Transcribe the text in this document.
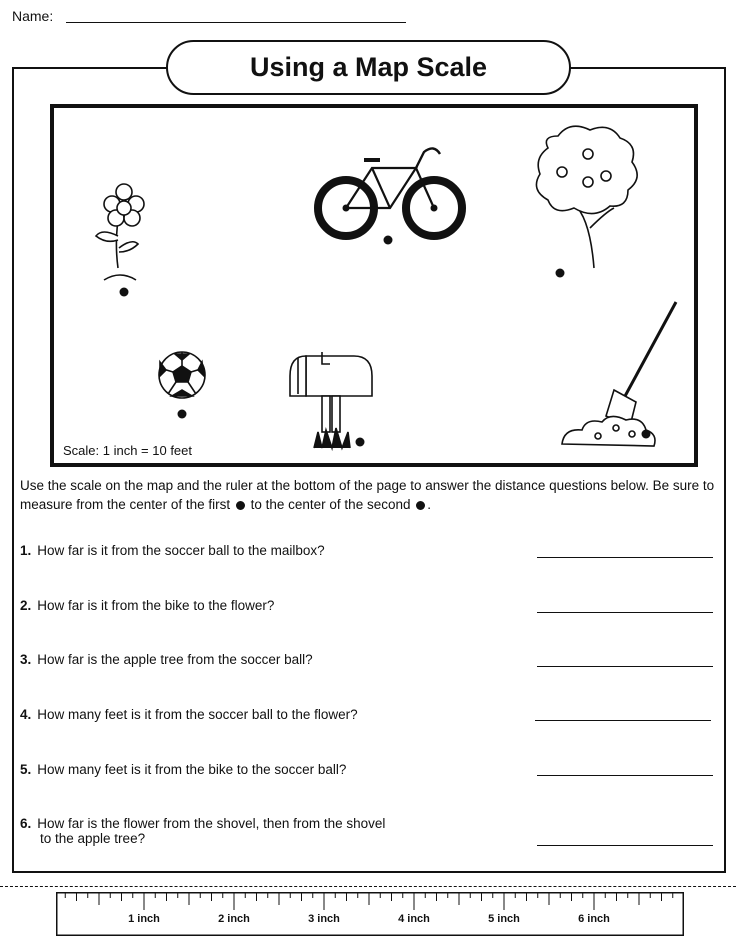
Name:
Using a Map Scale
Scale: 1 inch = 10 feet
Use the scale on the map and the ruler at the bottom of the page to answer the distance questions below. Be sure to measure from the center of the first to the center of the second .
1. How far is it from the soccer ball to the mailbox?
2. How far is it from the bike to the flower?
3. How far is the apple tree from the soccer ball?
4. How many feet is it from the soccer ball to the flower?
5. How many feet is it from the bike to the soccer ball?
6. How far is the flower from the shovel, then from the shovel
to the apple tree?
1 inch	2 inch	3 inch	4 inch	5 inch	6 inch
